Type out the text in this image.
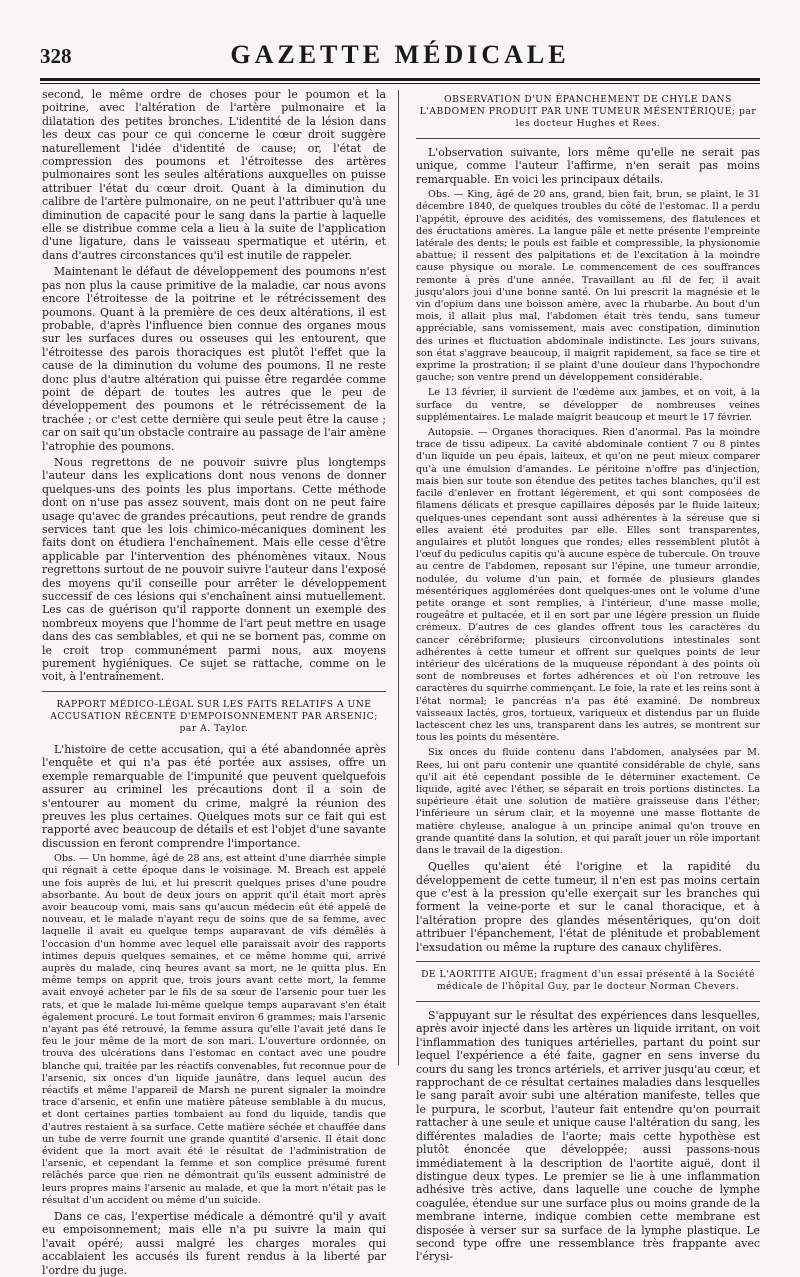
328	GAZETTE MÉDICALE

second, le même ordre de choses pour le poumon et la poitrine, avec l'altération de l'artère pulmonaire et la dilatation des petites bronches. L'identité de la lésion dans les deux cas pour ce qui concerne le cœur droit suggère naturellement l'idée d'identité de cause; or, l'état de compression des poumons et l'étroitesse des artères pulmonaires sont les seules altérations auxquelles on puisse attribuer l'état du cœur droit. Quant à la diminution du calibre de l'artère pulmonaire, on ne peut l'attribuer qu'à une diminution de capacité pour le sang dans la partie à laquelle elle se distribue comme cela a lieu à la suite de l'application d'une ligature, dans le vaisseau spermatique et utérin, et dans d'autres circonstances qu'il est inutile de rappeler.

Maintenant le défaut de développement des poumons n'est pas non plus la cause primitive de la maladie, car nous avons encore l'étroitesse de la poitrine et le rétrécissement des poumons. Quant à la première de ces deux altérations, il est probable, d'après l'influence bien connue des organes mous sur les surfaces dures ou osseuses qui les entourent, que l'étroitesse des parois thoraciques est plutôt l'effet que la cause de la diminution du volume des poumons. Il ne reste donc plus d'autre altération qui puisse être regardée comme point de départ de toutes les autres que le peu de développement des poumons et le rétrécissement de la trachée ; or c'est cette dernière qui seule peut être la cause ; car on sait qu'un obstacle contraire au passage de l'air amène l'atrophie des poumons.

Nous regrettons de ne pouvoir suivre plus longtemps l'auteur dans les explications dont nous venons de donner quelques-uns des points les plus importans. Cette méthode dont on n'use pas assez souvent, mais dont on ne peut faire usage qu'avec de grandes précautions, peut rendre de grands services tant que les lois chimico-mécaniques dominent les faits dont on étudiera l'enchaînement. Mais elle cesse d'être applicable par l'intervention des phénomènes vitaux. Nous regrettons surtout de ne pouvoir suivre l'auteur dans l'exposé des moyens qu'il conseille pour arrêter le développement successif de ces lésions qui s'enchaînent ainsi mutuellement. Les cas de guérison qu'il rapporte donnent un exemple des nombreux moyens que l'homme de l'art peut mettre en usage dans des cas semblables, et qui ne se bornent pas, comme on le croit trop communément parmi nous, aux moyens purement hygiéniques. Ce sujet se rattache, comme on le voit, à l'entraînement.

RAPPORT MÉDICO-LÉGAL SUR LES FAITS RELATIFS A UNE ACCUSATION RÉCENTE D'EMPOISONNEMENT PAR ARSENIC; par A. Taylor.

L'histoire de cette accusation, qui a été abandonnée après l'enquête et qui n'a pas été portée aux assises, offre un exemple remarquable de l'impunité que peuvent quelquefois assurer au criminel les précautions dont il a soin de s'entourer au moment du crime, malgré la réunion des preuves les plus certaines. Quelques mots sur ce fait qui est rapporté avec beaucoup de détails et est l'objet d'une savante discussion en feront comprendre l'importance.

Obs. — Un homme, âgé de 28 ans, est atteint d'une diarrhée simple qui régnait à cette époque dans le voisinage. M. Breach est appelé une fois auprès de lui, et lui prescrit quelques prises d'une poudre absorbante. Au bout de deux jours on apprit qu'il était mort après avoir beaucoup vomi, mais sans qu'aucun médecin eût été appelé de nouveau, et le malade n'ayant reçu de soins que de sa femme, avec laquelle il avait eu quelque temps auparavant de vifs démêlés à l'occasion d'un homme avec lequel elle paraissait avoir des rapports intimes depuis quelques semaines, et ce même homme qui, arrivé auprès du malade, cinq heures avant sa mort, ne le quitta plus. En même temps on apprit que, trois jours avant cette mort, la femme avait envoyé acheter par le fils de sa sœur de l'arsenic pour tuer les rats, et que le malade lui-même quelque temps auparavant s'en était également procuré. Le tout formait environ 6 grammes; mais l'arsenic n'ayant pas été retrouvé, la femme assura qu'elle l'avait jeté dans le feu le jour même de la mort de son mari. L'ouverture ordonnée, on trouva des ulcérations dans l'estomac en contact avec une poudre blanche qui, traitée par les réactifs convenables, fut reconnue pour de l'arsenic, six onces d'un liquide jaunâtre, dans lequel aucun des réactifs et même l'appareil de Marsh ne purent signaler la moindre trace d'arsenic, et enfin une matière pâteuse semblable à du mucus, et dont certaines parties tombaient au fond du liquide, tandis que d'autres restaient à sa surface. Cette matière séchée et chauffée dans un tube de verre fournit une grande quantité d'arsenic. Il était donc évident que la mort avait été le résultat de l'administration de l'arsenic, et cependant la femme et son complice présumé furent relâchés parce que rien ne démontrait qu'ils eussent administré de leurs propres mains l'arsenic au malade, et que la mort n'était pas le résultat d'un accident ou même d'un suicide.

Dans ce cas, l'expertise médicale a démontré qu'il y avait eu empoisonnement; mais elle n'a pu suivre la main qui l'avait opéré; aussi malgré les charges morales qui accablaient les accusés ils furent rendus à la liberté par l'ordre du juge.

OBSERVATION D'UN ÉPANCHEMENT DE CHYLE DANS L'ABDOMEN PRODUIT PAR UNE TUMEUR MÉSENTÉRIQUE; par les docteur Hughes et Rees.

L'observation suivante, lors même qu'elle ne serait pas unique, comme l'auteur l'affirme, n'en serait pas moins remarquable. En voici les principaux détails.

Obs. — King, âgé de 20 ans, grand, bien fait, brun, se plaint, le 31 décembre 1840, de quelques troubles du côté de l'estomac. Il a perdu l'appétit, éprouve des acidités, des vomissemens, des flatulences et des éructations amères. La langue pâle et nette présente l'empreinte latérale des dents; le pouls est faible et compressible, la physionomie abattue; il ressent des palpitations et de l'excitation à la moindre cause physique ou morale. Le commencement de ces souffrances remonte à près d'une année. Travaillant au fil de fer, il avait jusqu'alors joui d'une bonne santé. On lui prescrit la magnésie et le vin d'opium dans une boisson amère, avec la rhubarbe. Au bout d'un mois, il allait plus mal, l'abdomen était très tendu, sans tumeur appréciable, sans vomissement, mais avec constipation, diminution des urines et fluctuation abdominale indistincte. Les jours suivans, son état s'aggrave beaucoup, il maigrit rapidement, sa face se tire et exprime la prostration; il se plaint d'une douleur dans l'hypochondre gauche; son ventre prend un développement considérable.

Le 13 février, il survient de l'œdème aux jambes, et on voit, à la surface du ventre, se développer de nombreuses veines supplémentaires. Le malade maigrit beaucoup et meurt le 17 février.

Autopsie. — Organes thoraciques. Rien d'anormal. Pas la moindre trace de tissu adipeux. La cavité abdominale contient 7 ou 8 pintes d'un liquide un peu épais, laiteux, et qu'on ne peut mieux comparer qu'à une émulsion d'amandes. Le péritoine n'offre pas d'injection, mais bien sur toute son étendue des petites taches blanches, qu'il est facile d'enlever en frottant légèrement, et qui sont composées de filamens délicats et presque capillaires déposés par le fluide laiteux; quelques-unes cependant sont aussi adhérentes à la séreuse que si elles avaient été produites par elle. Elles sont transparentes, angulaires et plutôt longues que rondes; elles ressemblent plutôt à l'œuf du pediculus capitis qu'à aucune espèce de tubercule. On trouve au centre de l'abdomen, reposant sur l'épine, une tumeur arrondie, nodulée, du volume d'un pain, et formée de plusieurs glandes mésentériques agglomérées dont quelques-unes ont le volume d'une petite orange et sont remplies, à l'intérieur, d'une masse molle, rougeâtre et pultacée, et il en sort par une légère pression un fluide crémeux. D'autres de ces glandes offrent tous les caractères du cancer cérébriforme; plusieurs circonvolutions intestinales sont adhérentes à cette tumeur et offrent sur quelques points de leur intérieur des ulcérations de la muqueuse répondant à des points où sont de nombreuses et fortes adhérences et où l'on retrouve les caractères du squirrhe commençant. Le foie, la rate et les reins sont à l'état normal; le pancréas n'a pas été examiné. De nombreux vaisseaux lactés, gros, tortueux, variqueux et distendus par un fluide lactescent chez les uns, transparent dans les autres, se montrent sur tous les points du mésentère.

Six onces du fluide contenu dans l'abdomen, analysées par M. Rees, lui ont paru contenir une quantité considérable de chyle, sans qu'il ait été cependant possible de le déterminer exactement. Ce liquide, agité avec l'éther, se séparait en trois portions distinctes. La supérieure était une solution de matière graisseuse dans l'éther; l'inférieure un sérum clair, et la moyenne une masse flottante de matière chyleuse, analogue à un principe animal qu'on trouve en grande quantité dans la solution, et qui paraît jouer un rôle important dans le travail de la digestion.

Quelles qu'aient été l'origine et la rapidité du développement de cette tumeur, il n'en est pas moins certain que c'est à la pression qu'elle exerçait sur les branches qui forment la veine-porte et sur le canal thoracique, et à l'altération propre des glandes mésentériques, qu'on doit attribuer l'épanchement, l'état de plénitude et probablement l'exsudation ou même la rupture des canaux chylifères.

DE L'AORTITE AIGUE; fragment d'un essai présenté à la Société médicale de l'hôpital Guy, par le docteur Norman Chevers.

S'appuyant sur le résultat des expériences dans lesquelles, après avoir injecté dans les artères un liquide irritant, on voit l'inflammation des tuniques artérielles, partant du point sur lequel l'expérience a été faite, gagner en sens inverse du cours du sang les troncs artériels, et arriver jusqu'au cœur, et rapprochant de ce résultat certaines maladies dans lesquelles le sang paraît avoir subi une altération manifeste, telles que le purpura, le scorbut, l'auteur fait entendre qu'on pourrait rattacher à une seule et unique cause l'altération du sang, les différentes maladies de l'aorte; mais cette hypothèse est plutôt énoncée que développée; aussi passons-nous immédiatement à la description de l'aortite aiguë, dont il distingue deux types. Le premier se lie à une inflammation adhésive très active, dans laquelle une couche de lymphe coagulée, étendue sur une surface plus ou moins grande de la membrane interne, indique combien cette membrane est disposée à verser sur sa surface de la lymphe plastique. Le second type offre une ressemblance très frappante avec l'érysi-
